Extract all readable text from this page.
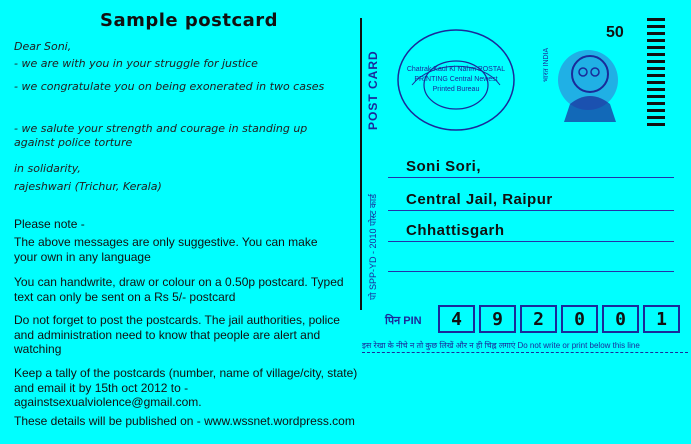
Sample postcard
Dear Soni,
- we are with you in your struggle for justice
- we congratulate you on being exonerated in two cases
- we salute your strength and courage in standing up against police torture
in solidarity,
rajeshwari (Trichur, Kerala)
Please note -
The above messages are only suggestive. You can make your own in any language
You can handwrite, draw or colour on a 0.50p postcard. Typed text can only be sent on a Rs 5/- postcard
Do not forget to post the postcards. The jail authorities, police and administration need to know that people are alert and watching
Keep a tally of the postcards (number, name of village/city, state) and email it by 15th oct 2012 to - againstsexualviolence@gmail.com.
These details will be published on - www.wssnet.wordpress.com
पो SPP-YD - 2010 पोस्ट कार्ड
POST CARD	Chatrak Kaul Ki Nahm POSTAL PRINTING Central Newest Printed Bureau
50
भारत INDIA
Soni Sori,
Central Jail, Raipur
Chhattisgarh
पिन PIN	4	9	2	0	0	1
इस रेखा के नीचे न तो कुछ लिखें और न ही चिह्न लगाएं Do not write or print below this line
